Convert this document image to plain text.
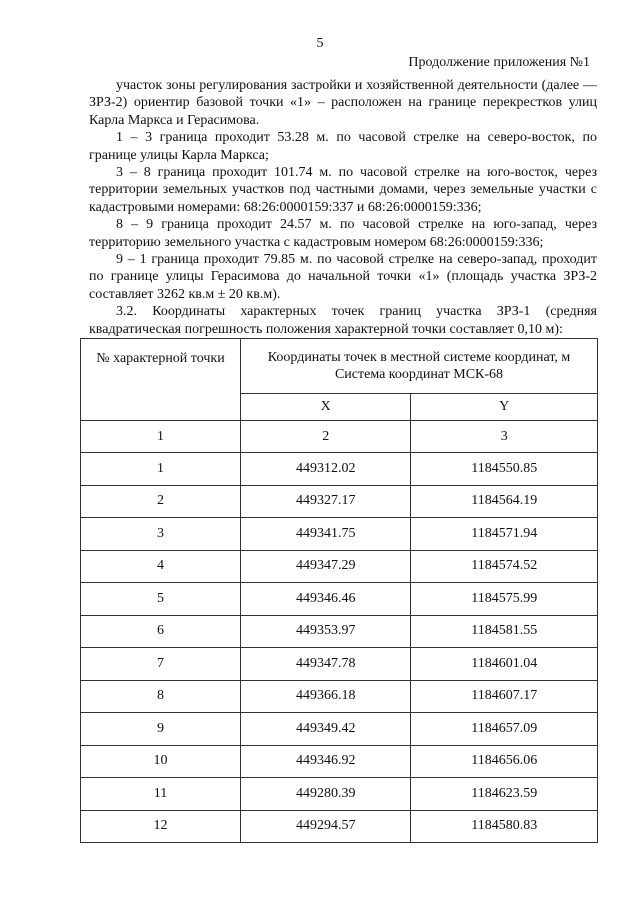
5
Продолжение приложения №1

участок зоны регулирования застройки и хозяйственной деятельности (далее — ЗРЗ-2) ориентир базовой точки «1» – расположен на границе перекрестков улиц Карла Маркса и Герасимова.

1 – 3 граница проходит 53.28 м. по часовой стрелке на северо-восток, по границе улицы Карла Маркса;

3 – 8 граница проходит 101.74 м. по часовой стрелке на юго-восток, через территории земельных участков под частными домами, через земельные участки с кадастровыми номерами: 68:26:0000159:337 и 68:26:0000159:336;

8 – 9 граница проходит 24.57 м. по часовой стрелке на юго-запад, через территорию земельного участка с кадастровым номером 68:26:0000159:336;

9 – 1 граница проходит 79.85 м. по часовой стрелке на северо-запад, проходит по границе улицы Герасимова до начальной точки «1» (площадь участка ЗРЗ-2 составляет 3262 кв.м ± 20 кв.м).

3.2. Координаты характерных точек границ участка ЗРЗ-1 (средняя квадратическая погрешность положения характерной точки составляет 0,10 м):

№ характерной точки	Координаты точек в местной системе координат, м
Система координат МСК-68	
	X	Y
1	2	3
1	449312.02	1184550.85
2	449327.17	1184564.19
3	449341.75	1184571.94
4	449347.29	1184574.52
5	449346.46	1184575.99
6	449353.97	1184581.55
7	449347.78	1184601.04
8	449366.18	1184607.17
9	449349.42	1184657.09
10	449346.92	1184656.06
11	449280.39	1184623.59
12	449294.57	1184580.83
